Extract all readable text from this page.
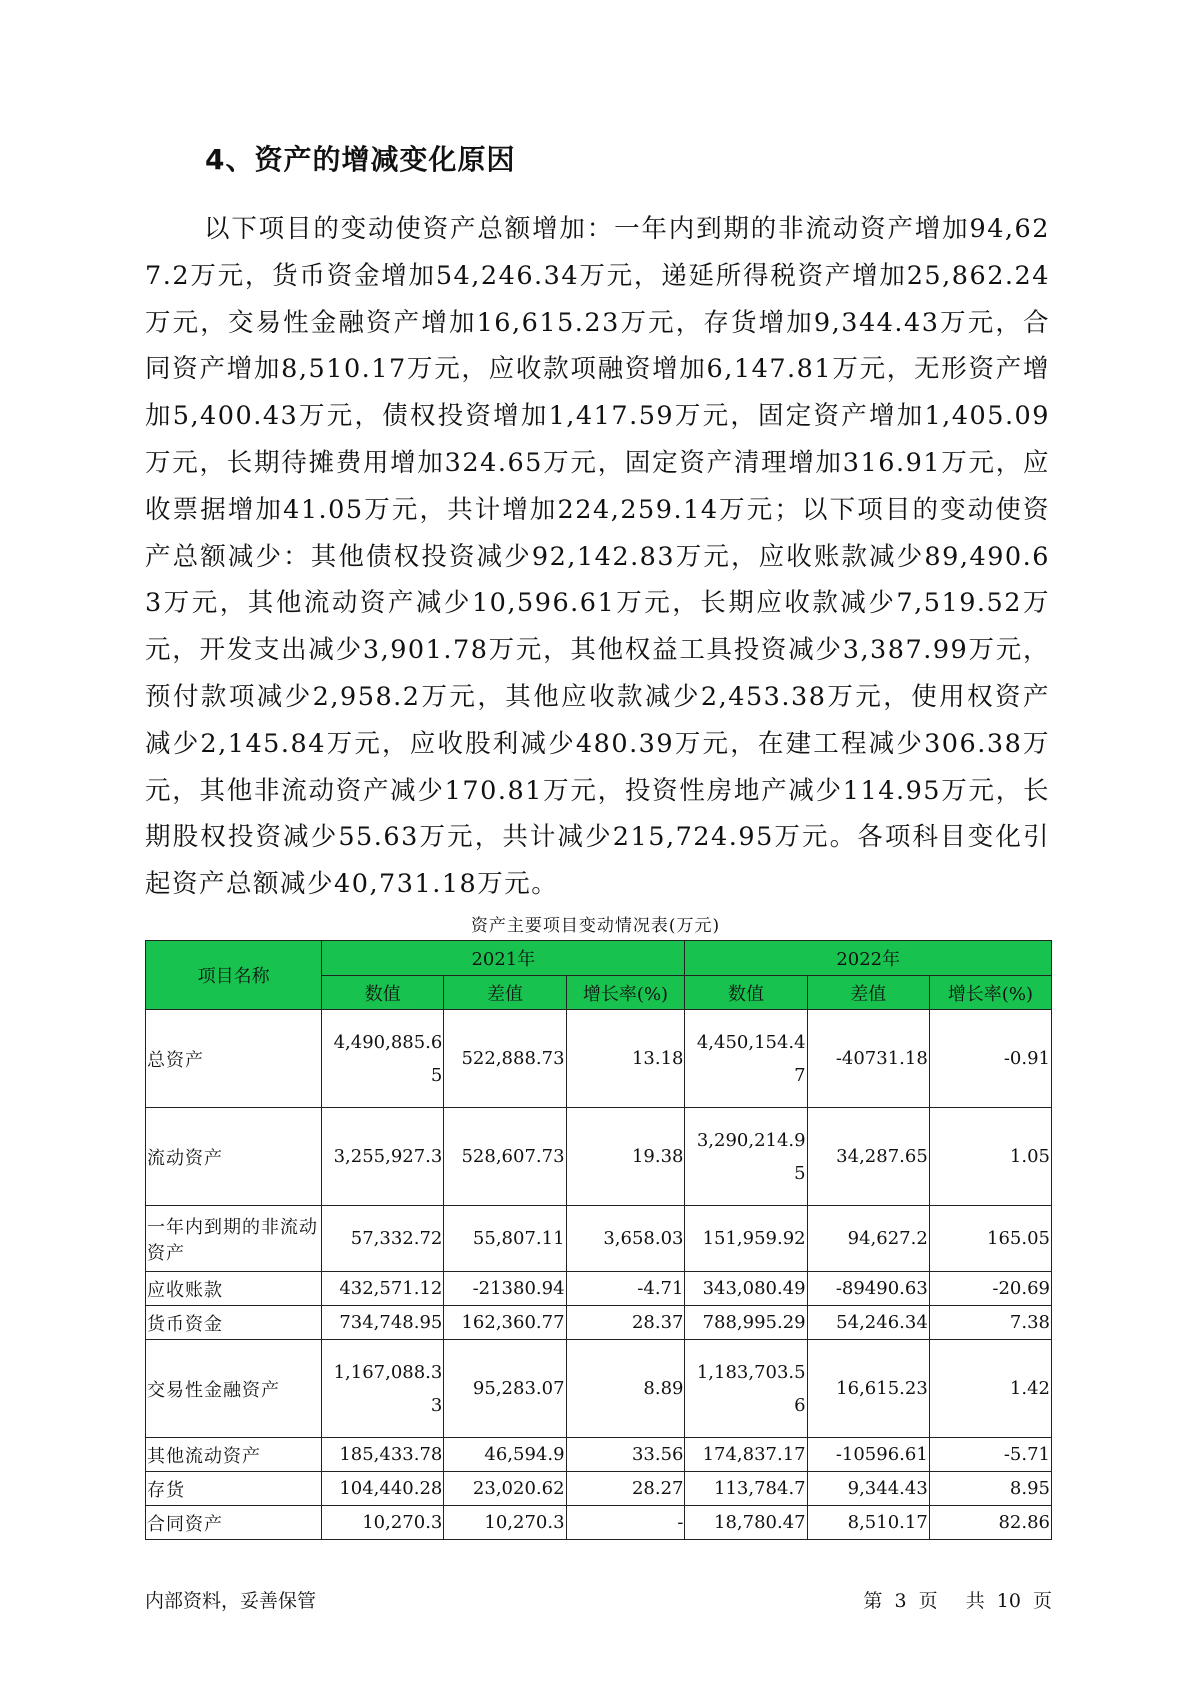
4、资产的增减变化原因

以下项目的变动使资产总额增加：一年内到期的非流动资产增加94,627.2万元，货币资金增加54,246.34万元，递延所得税资产增加25,862.24万元，交易性金融资产增加16,615.23万元，存货增加9,344.43万元，合同资产增加8,510.17万元，应收款项融资增加6,147.81万元，无形资产增加5,400.43万元，债权投资增加1,417.59万元，固定资产增加1,405.09万元，长期待摊费用增加324.65万元，固定资产清理增加316.91万元，应收票据增加41.05万元，共计增加224,259.14万元；以下项目的变动使资产总额减少：其他债权投资减少92,142.83万元，应收账款减少89,490.63万元，其他流动资产减少10,596.61万元，长期应收款减少7,519.52万元，开发支出减少3,901.78万元，其他权益工具投资减少3,387.99万元，预付款项减少2,958.2万元，其他应收款减少2,453.38万元，使用权资产减少2,145.84万元，应收股利减少480.39万元，在建工程减少306.38万元，其他非流动资产减少170.81万元，投资性房地产减少114.95万元，长期股权投资减少55.63万元，共计减少215,724.95万元。各项科目变化引起资产总额减少40,731.18万元。

资产主要项目变动情况表(万元)
项目名称	2021年			2022年		
	数值	差值	增长率(%)	数值	差值	增长率(%)
总资产	4,490,885.65	522,888.73	13.18	4,450,154.47	-40731.18	-0.91
流动资产	3,255,927.3	528,607.73	19.38	3,290,214.95	34,287.65	1.05
一年内到期的非流动资产	57,332.72	55,807.11	3,658.03	151,959.92	94,627.2	165.05
应收账款	432,571.12	-21380.94	-4.71	343,080.49	-89490.63	-20.69
货币资金	734,748.95	162,360.77	28.37	788,995.29	54,246.34	7.38
交易性金融资产	1,167,088.33	95,283.07	8.89	1,183,703.56	16,615.23	1.42
其他流动资产	185,433.78	46,594.9	33.56	174,837.17	-10596.61	-5.71
存货	104,440.28	23,020.62	28.27	113,784.7	9,344.43	8.95
合同资产	10,270.3	10,270.3	-	18,780.47	8,510.17	82.86
内部资料，妥善保管	第 3 页 共 10 页
